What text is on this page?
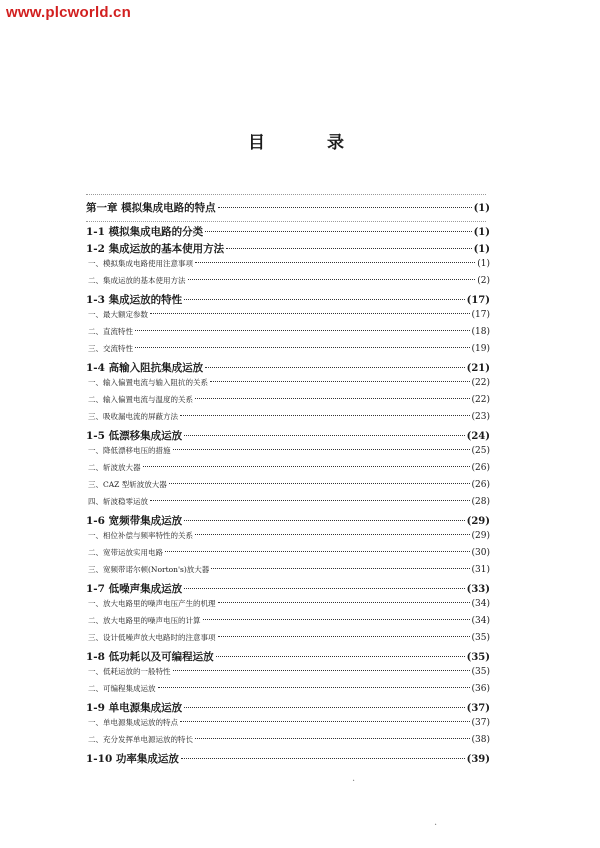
www.plcworld.cn
目 录
·
·
第一章 模拟集成电路的特点	(1)
1-1 模拟集成电路的分类	(1)
1-2 集成运放的基本使用方法	(1)
一、模拟集成电路使用注意事项	(1)
二、集成运放的基本使用方法	(2)
1-3 集成运放的特性	(17)
一、最大额定参数	(17)
二、直流特性	(18)
三、交流特性	(19)
1-4 高输入阻抗集成运放	(21)
一、输入偏置电流与输入阻抗的关系	(22)
二、输入偏置电流与温度的关系	(22)
三、吸收漏电流的屏蔽方法	(23)
1-5 低漂移集成运放	(24)
一、降低漂移电压的措施	(25)
二、斩波放大器	(26)
三、CAZ 型斩波放大器	(26)
四、斩波稳零运放	(28)
1-6 宽频带集成运放	(29)
一、相位补偿与频率特性的关系	(29)
二、宽带运放实用电路	(30)
三、宽频带诺尔顿(Norton's)放大器	(31)
1-7 低噪声集成运放	(33)
一、放大电路里的噪声电压产生的机理	(34)
二、放大电路里的噪声电压的计算	(34)
三、设计低噪声放大电路时的注意事项	(35)
1-8 低功耗以及可编程运放	(35)
一、低耗运放的一般特性	(35)
二、可编程集成运放	(36)
1-9 单电源集成运放	(37)
一、单电源集成运放的特点	(37)
二、充分发挥单电源运放的特长	(38)
1-10 功率集成运放	(39)
